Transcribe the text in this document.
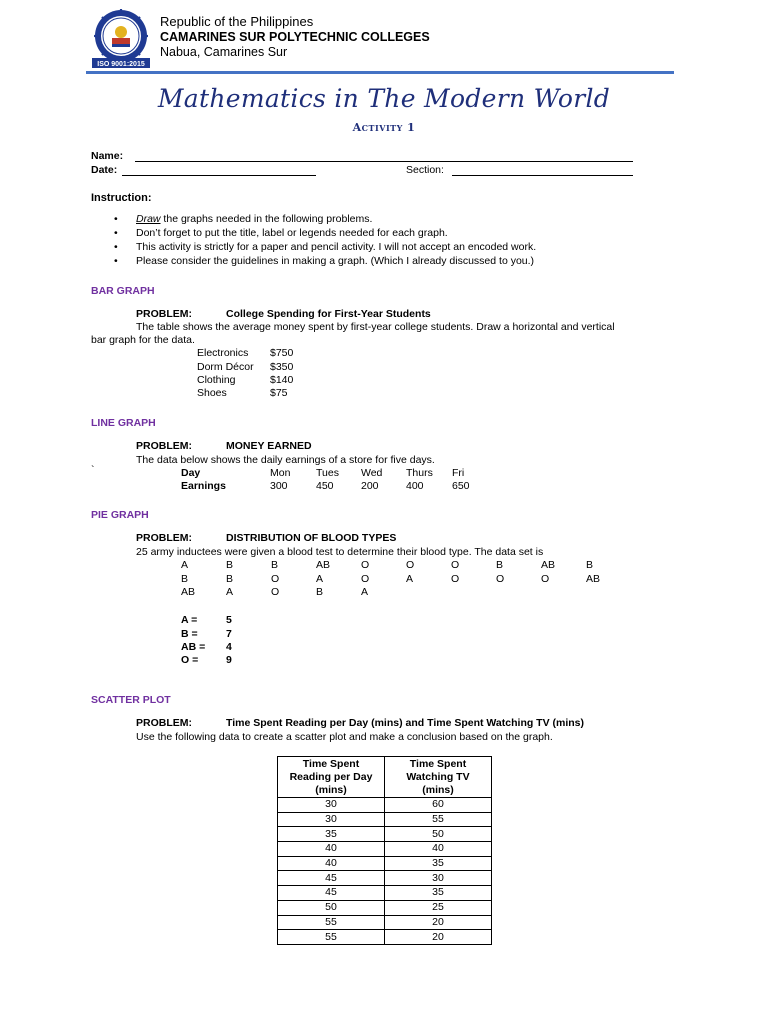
ISO 9001:2015
Republic of the Philippines
CAMARINES SUR POLYTECHNIC COLLEGES
Nabua, Camarines Sur
Mathematics in The Modern World
Activity 1
Name:
Date:	Section:
Instruction:
• Draw the graphs needed in the following problems.
• Don’t forget to put the title, label or legends needed for each graph.
• This activity is strictly for a paper and pencil activity. I will not accept an encoded work.
• Please consider the guidelines in making a graph. (Which I already discussed to you.)
BAR GRAPH
PROBLEM:	College Spending for First-Year Students
The table shows the average money spent by first-year college students. Draw a horizontal and vertical
bar graph for the data.
Electronics $750
Dorm Décor $350
Clothing	$140
Shoes	$75
LINE GRAPH
PROBLEM:	MONEY EARNED
The data below shows the daily earnings of a store for five days.
`	Day	Mon Tues Wed Thurs Fri
Earnings	300	450	200	400	650
PIE GRAPH
PROBLEM:	DISTRIBUTION OF BLOOD TYPES
25 army inductees were given a blood test to determine their blood type. The data set is
A	B	B	AB	O	O	O	B	AB	B
B	B	O	A	O	A	O	O	O	AB
AB	A	O	B	A
A =	5
B =	7
AB = 4
O =	9
SCATTER PLOT
PROBLEM:	Time Spent Reading per Day (mins) and Time Spent Watching TV (mins)
Use the following data to create a scatter plot and make a conclusion based on the graph.
Time Spent
Reading per Day
(mins)	Time Spent
Watching TV
(mins)
30	60
30	55
35	50
40	40
40	35
45	30
45	35
50	25
55	20
55	20
